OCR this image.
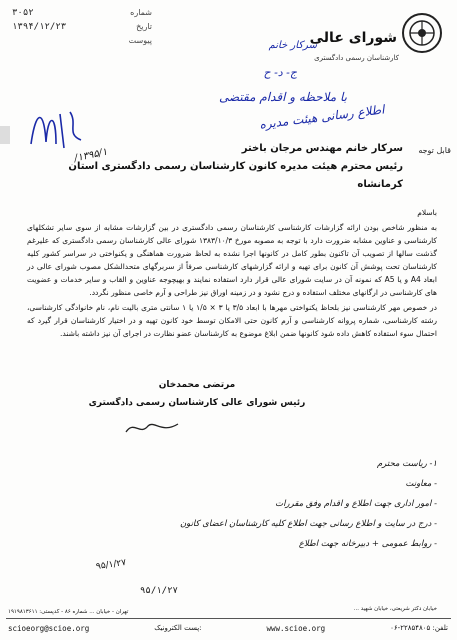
شماره
۳۰۵۲
تاریخ
۱۳۹۴/۱۲/۲۳
پیوست	شورای عالی
کارشناسان رسمی دادگستری
سرکار خانم
ج- د- ح
با ملاحظه و اقدام مقتضی
اطلاع رسانی هیئت مدیره
۱۳۹۵/۱/	قابل توجه
سرکار خانم مهندس مرجان باختر
رئیس محترم هیئت مدیره کانون کارشناسان رسمی دادگستری استان کرمانشاه

باسلام

به منظور شاخص بودن ارائه گزارشات کارشناسی کارشناسان رسمی دادگستری در بین گزارشات مشابه از سوی سایر تشکلهای کارشناسی و عناوین مشابه ضرورت دارد با توجه به مصوبه مورخ ۱۳۸۳/۱۰/۳ شورای عالی کارشناسان رسمی دادگستری که علیرغم گذشت سالها از تصویب آن تاکنون بطور کامل در کانونها اجرا نشده به لحاظ ضرورت هماهنگی و یکنواختی در سراسر کشور کلیه کارشناسان تحت پوشش آن کانون برای تهیه و ارائه گزارشهای کارشناسی صرفاً از سربرگهای متحدالشکل مصوب شورای عالی در ابعاد A4 و یا A5 که نمونه آن در سایت شورای عالی قرار دارد استفاده نمایند و بهیچوجه عناوین و القاب و سایر خدمات و عضویت های کارشناسی در ارگانهای مختلف استفاده و درج نشود و در زمینه اوراق نیز طراحی و آرم خاصی منظور نگردد.

در خصوص مهر کارشناسی نیز بلحاظ یکنواختی مهرها با ابعاد ۳/۵ یا ۳ × ۱/۵ یا ۱ سانتی متری بالیت نام، نام خانوادگی کارشناسی، رشته کارشناسی، شماره پروانه کارشناسی و آرم کانون حتی الامکان توسط خود کانون تهیه و در اختیار کارشناسان قرار گیرد که احتمال سوء استفاده کاهش داده شود کانونها ضمن ابلاغ موضوع به کارشناسان عضو نظارت در اجرای آن نیز داشته باشند.

مرتضی محمدخان
رئیس شورای عالی کارشناسان رسمی دادگستری
۱- ریاست محترم
- معاونت
- امور اداری جهت اطلاع و اقدام وفق مقررات
- درج در سایت و اطلاع رسانی جهت اطلاع کلیه کارشناسان اعضای کانون
- روابط عمومی + دبیرخانه جهت اطلاع
۹۵/۱/۲۷
۹۵/۱/۲۷
خیابان دکتر شریعتی، خیابان شهید ...
تهران - خیابان ... شماره ۸۶ - کدپستی: ۱۹۱۹۸۱۳۶۱۱
scioeorg@scioe.org	پست الکترونیک:	www.scioe.org	تلفن: ۲۲۸۵۴۸۰۵-۰۶
